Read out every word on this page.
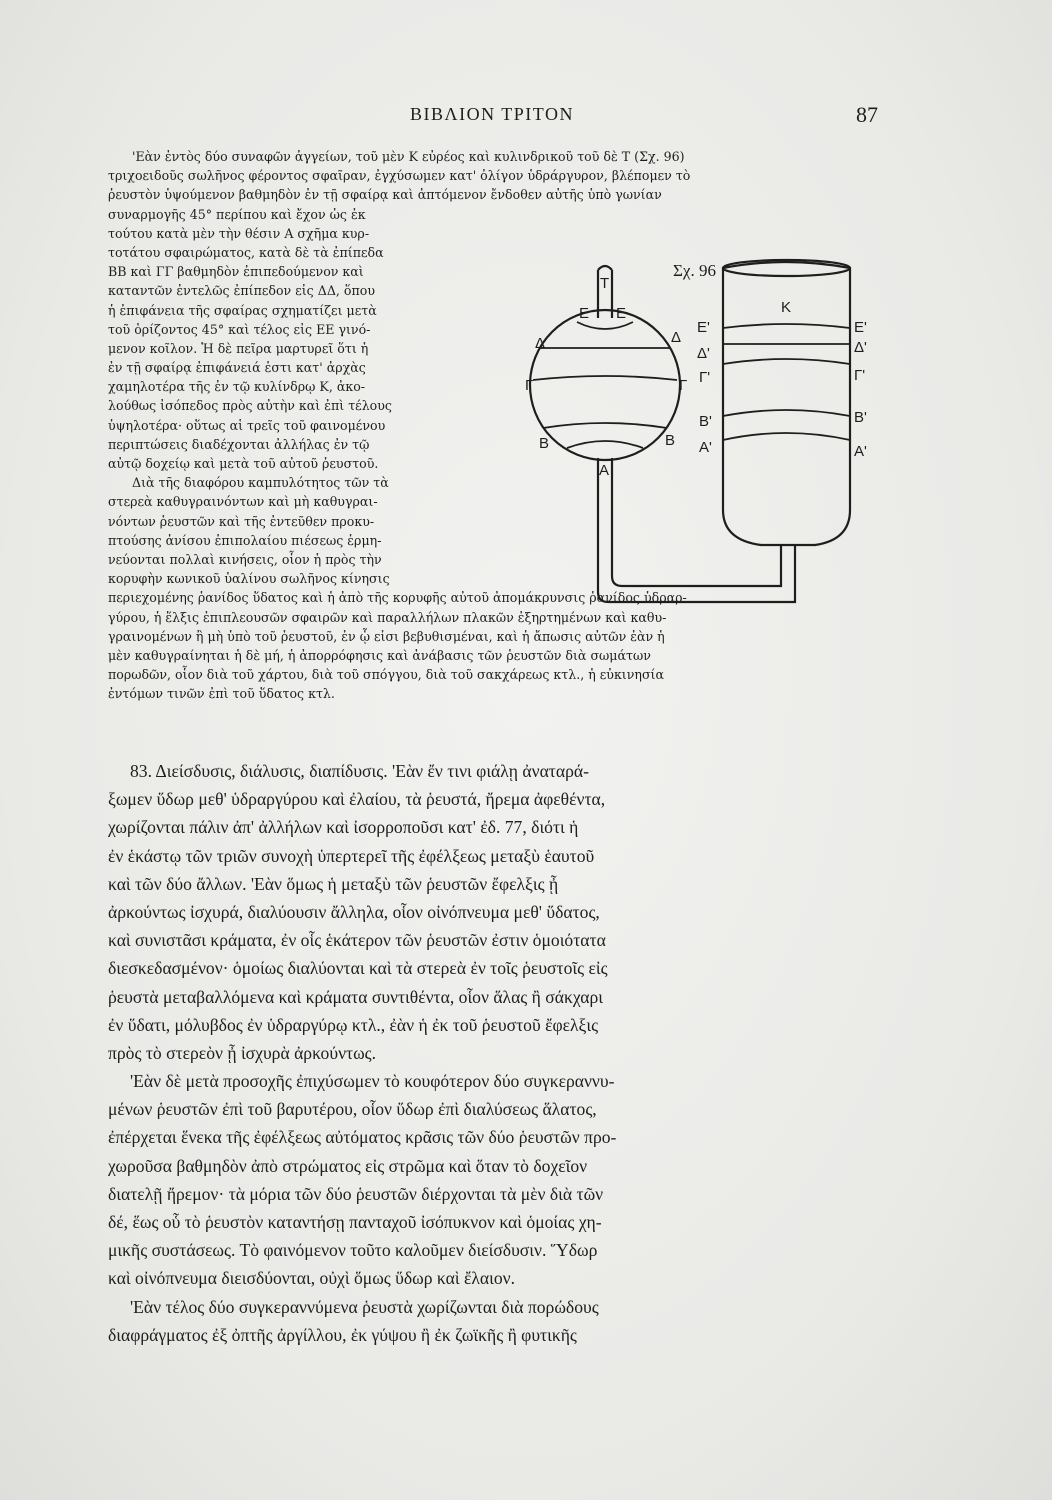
ΒΙΒΛΙΟΝ ΤΡΙΤΟΝ	87
'Εὰν ἐντὸς δύο συναφῶν ἀγγείων, τοῦ μὲν Κ εὐρέος καὶ κυλινδρικοῦ τοῦ δὲ Τ (Σχ. 96)
τριχοειδοῦς σωλῆνος φέροντος σφαῖραν, ἐγχύσωμεν κατ' ὀλίγον ὑδράργυρον, βλέπομεν τὸ
ῥευστὸν ὑψούμενον βαθμηδὸν ἐν τῇ σφαίρᾳ καὶ ἀπτόμενον ἔνδοθεν αὐτῆς ὑπὸ γωνίαν
συναρμογῆς 45° περίπου καὶ ἔχον ὡς ἐκ
τούτου κατὰ μὲν τὴν θέσιν Α σχῆμα κυρ-
τοτάτου σφαιρώματος, κατὰ δὲ τὰ ἐπίπεδα
ΒΒ καὶ ΓΓ βαθμηδὸν ἐπιπεδούμενον καὶ
καταντῶν ἐντελῶς ἐπίπεδον εἰς ΔΔ, ὅπου
ἡ ἐπιφάνεια τῆς σφαίρας σχηματίζει μετὰ
τοῦ ὁρίζοντος 45° καὶ τέλος εἰς ΕΕ γινό-
μενον κοῖλον. Ἡ δὲ πεῖρα μαρτυρεῖ ὅτι ἡ
ἐν τῇ σφαίρᾳ ἐπιφάνειά ἐστι κατ' ἀρχὰς
χαμηλοτέρα τῆς ἐν τῷ κυλίνδρῳ Κ, ἀκο-
λούθως ἰσόπεδος πρὸς αὐτὴν καὶ ἐπὶ τέλους
ὑψηλοτέρα· οὕτως αἱ τρεῖς τοῦ φαινομένου
περιπτώσεις διαδέχονται ἀλλήλας ἐν τῷ
αὐτῷ δοχείῳ καὶ μετὰ τοῦ αὐτοῦ ῥευστοῦ.
Διὰ τῆς διαφόρου καμπυλότητος τῶν τὰ
στερεὰ καθυγραινόντων καὶ μὴ καθυγραι-
νόντων ῥευστῶν καὶ τῆς ἐντεῦθεν προκυ-
πτούσης ἀνίσου ἐπιπολαίου πιέσεως ἑρμη-
νεύονται πολλαὶ κινήσεις, οἷον ἡ πρὸς τὴν
κορυφὴν κωνικοῦ ὑαλίνου σωλῆνος κίνησις
περιεχομένης ῥανίδος ὕδατος καὶ ἡ ἀπὸ τῆς κορυφῆς αὐτοῦ ἀπομάκρυνσις ῥανίδος ὑδραρ-
γύρου, ἡ ἕλξις ἐπιπλεουσῶν σφαιρῶν καὶ παραλλήλων πλακῶν ἐξηρτημένων καὶ καθυ-
γραινομένων ἢ μὴ ὑπὸ τοῦ ῥευστοῦ, ἐν ᾧ εἰσι βεβυθισμέναι, καὶ ἡ ἄπωσις αὐτῶν ἐὰν ἡ
μὲν καθυγραίνηται ἡ δὲ μή, ἡ ἀπορρόφησις καὶ ἀνάβασις τῶν ῥευστῶν διὰ σωμάτων
πορωδῶν, οἷον διὰ τοῦ χάρτου, διὰ τοῦ σπόγγου, διὰ τοῦ σακχάρεως κτλ., ἡ εὐκινησία
ἐντόμων τινῶν ἐπὶ τοῦ ὕδατος κτλ.
Σχ. 96
T
E E
Δ	Δ
Γ	Γ
B	B
A
K
E'	E'
Δ'	Δ'
Γ'	Γ'
B'	B'
A'	A'
83. Διείσδυσις, διάλυσις, διαπίδυσις. 'Εὰν ἔν τινι φιάλῃ ἀναταρά-
ξωμεν ὕδωρ μεθ' ὑδραργύρου καὶ ἐλαίου, τὰ ῥευστά, ἤρεμα ἀφεθέντα,
χωρίζονται πάλιν ἀπ' ἀλλήλων καὶ ἰσορροποῦσι κατ' ἐδ. 77, διότι ἡ
ἐν ἑκάστῳ τῶν τριῶν συνοχὴ ὑπερτερεῖ τῆς ἐφέλξεως μεταξὺ ἑαυτοῦ
καὶ τῶν δύο ἄλλων. 'Εὰν ὅμως ἡ μεταξὺ τῶν ῥευστῶν ἔφελξις ᾖ
ἀρκούντως ἰσχυρά, διαλύουσιν ἄλληλα, οἷον οἰνόπνευμα μεθ' ὕδατος,
καὶ συνιστᾶσι κράματα, ἐν οἷς ἑκάτερον τῶν ῥευστῶν ἐστιν ὁμοιότατα
διεσκεδασμένον· ὁμοίως διαλύονται καὶ τὰ στερεὰ ἐν τοῖς ῥευστοῖς εἰς
ῥευστὰ μεταβαλλόμενα καὶ κράματα συντιθέντα, οἷον ἅλας ἢ σάκχαρι
ἐν ὕδατι, μόλυβδος ἐν ὑδραργύρῳ κτλ., ἐὰν ἡ ἐκ τοῦ ῥευστοῦ ἔφελξις
πρὸς τὸ στερεὸν ᾖ ἰσχυρὰ ἀρκούντως.
'Εὰν δὲ μετὰ προσοχῆς ἐπιχύσωμεν τὸ κουφότερον δύο συγκεραννυ-
μένων ῥευστῶν ἐπὶ τοῦ βαρυτέρου, οἷον ὕδωρ ἐπὶ διαλύσεως ἅλατος,
ἐπέρχεται ἕνεκα τῆς ἐφέλξεως αὐτόματος κρᾶσις τῶν δύο ῥευστῶν προ-
χωροῦσα βαθμηδὸν ἀπὸ στρώματος εἰς στρῶμα καὶ ὅταν τὸ δοχεῖον
διατελῇ ἤρεμον· τὰ μόρια τῶν δύο ῥευστῶν διέρχονται τὰ μὲν διὰ τῶν
δέ, ἕως οὗ τὸ ῥευστὸν καταντήσῃ πανταχοῦ ἰσόπυκνον καὶ ὁμοίας χη-
μικῆς συστάσεως. Τὸ φαινόμενον τοῦτο καλοῦμεν διείσδυσιν. Ὕδωρ
καὶ οἰνόπνευμα διεισδύονται, οὐχὶ ὅμως ὕδωρ καὶ ἔλαιον.
'Εὰν τέλος δύο συγκεραννύμενα ῥευστὰ χωρίζωνται διὰ πορώδους
διαφράγματος ἐξ ὀπτῆς ἀργίλλου, ἐκ γύψου ἢ ἐκ ζωϊκῆς ἢ φυτικῆς
